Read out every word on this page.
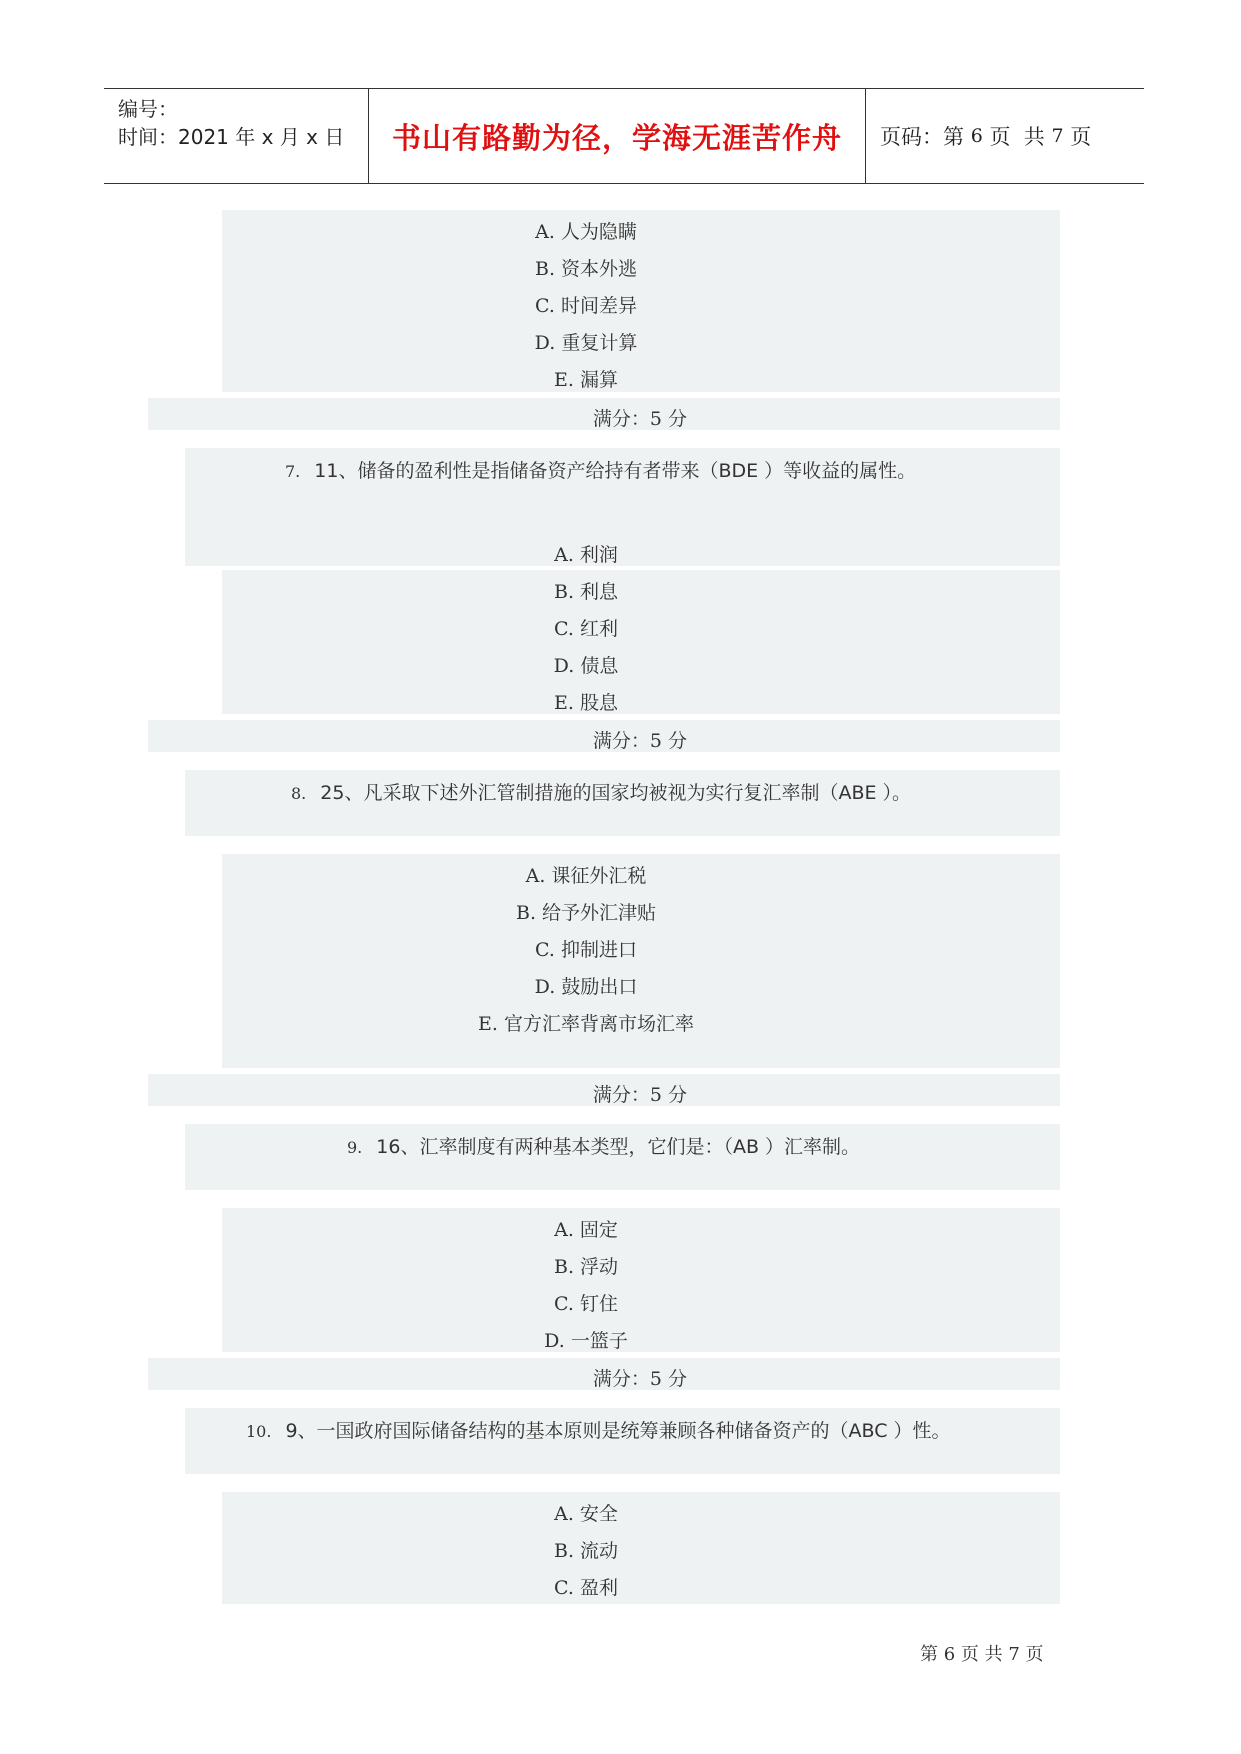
编号：
时间：2021 年 x 月 x 日 书山有路勤为径，学海无涯苦作舟 页码：第 6 页  共 7 页
A. 人为隐瞒
B. 资本外逃
C. 时间差异
D. 重复计算
E. 漏算
满分：5 分
7. 11、储备的盈利性是指储备资产给持有者带来（BDE ）等收益的属性。
A. 利润
B. 利息
C. 红利
D. 债息
E. 股息
满分：5 分
8. 25、凡采取下述外汇管制措施的国家均被视为实行复汇率制（ABE ）。
A. 课征外汇税
B. 给予外汇津贴
C. 抑制进口
D. 鼓励出口
E. 官方汇率背离市场汇率
满分：5 分
9. 16、汇率制度有两种基本类型，它们是：（AB ）汇率制。
A. 固定
B. 浮动
C. 钉住
D. 一篮子
满分：5 分
10. 9、一国政府国际储备结构的基本原则是统筹兼顾各种储备资产的（ABC ）性。
A. 安全
B. 流动
C. 盈利
第 6 页 共 7 页
